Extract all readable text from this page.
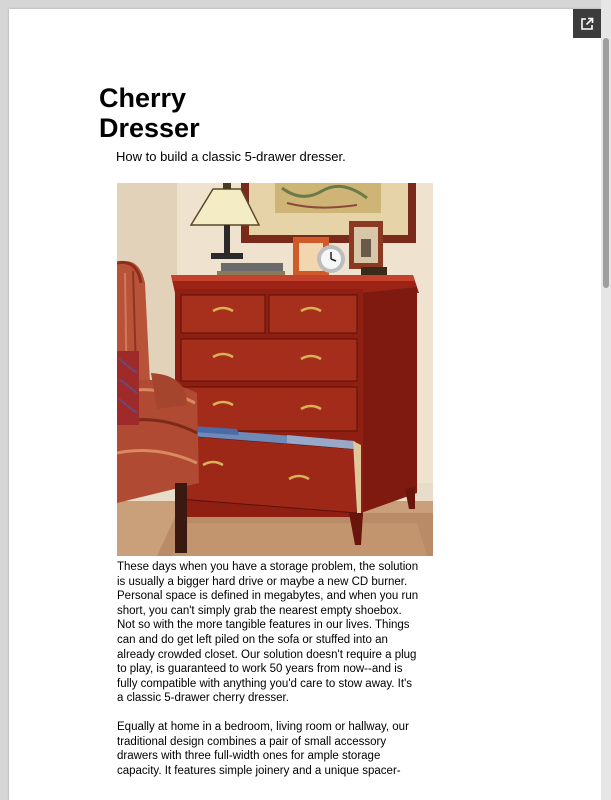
Cherry
Dresser

How to build a classic 5-drawer dresser.

These days when you have a storage problem, the solution
is usually a bigger hard drive or maybe a new CD burner.
Personal space is defined in megabytes, and when you run
short, you can't simply grab the nearest empty shoebox.
Not so with the more tangible features in our lives. Things
can and do get left piled on the sofa or stuffed into an
already crowded closet. Our solution doesn't require a plug
to play, is guaranteed to work 50 years from now--and is
fully compatible with anything you'd care to stow away. It's
a classic 5-drawer cherry dresser.

Equally at home in a bedroom, living room or hallway, our
traditional design combines a pair of small accessory
drawers with three full-width ones for ample storage
capacity. It features simple joinery and a unique spacer-
